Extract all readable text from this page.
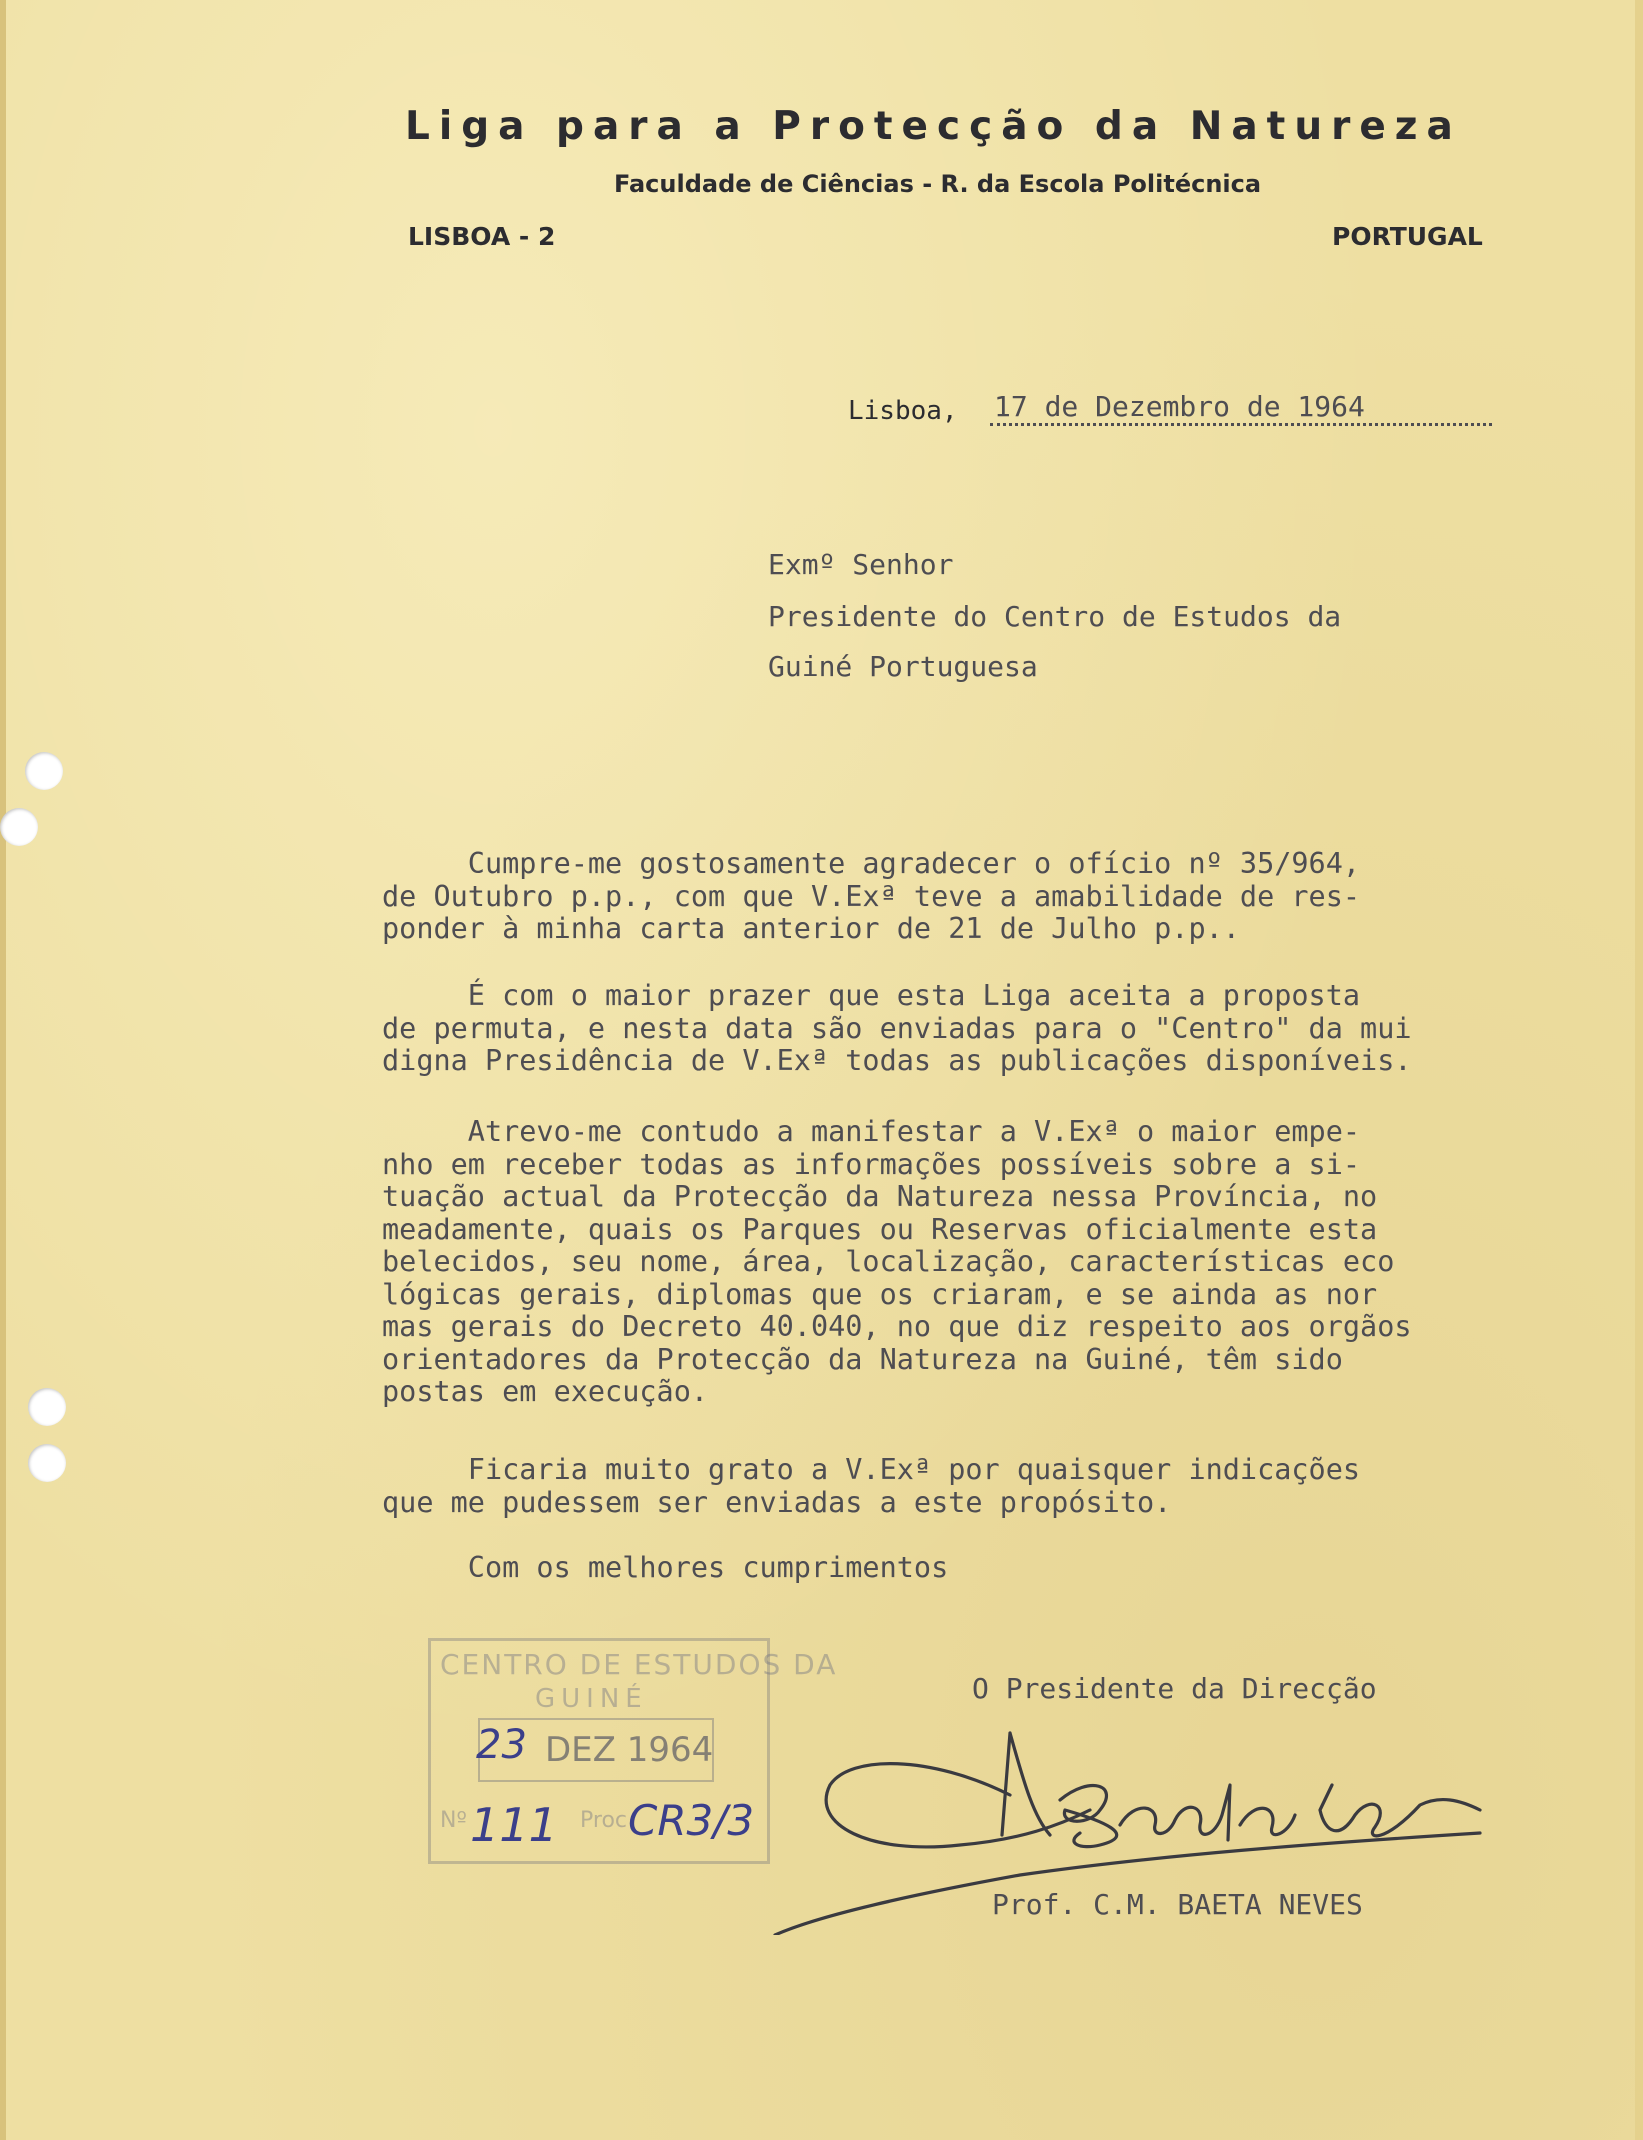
Liga para a Protecção da Natureza
Faculdade de Ciências - R. da Escola Politécnica
LISBOA - 2	PORTUGAL
Lisboa, 17 de Dezembro de 1964
Exmº Senhor
Presidente do Centro de Estudos da
Guiné Portuguesa
Cumpre-me gostosamente agradecer o ofício nº 35/964,
de Outubro p.p., com que V.Exª teve a amabilidade de res-
ponder à minha carta anterior de 21 de Julho p.p..
É com o maior prazer que esta Liga aceita a proposta
de permuta, e nesta data são enviadas para o "Centro" da mui
digna Presidência de V.Exª todas as publicações disponíveis.
Atrevo-me contudo a manifestar a V.Exª o maior empe-
nho em receber todas as informações possíveis sobre a si-
tuação actual da Protecção da Natureza nessa Província, no
meadamente, quais os Parques ou Reservas oficialmente esta
belecidos, seu nome, área, localização, características eco
lógicas gerais, diplomas que os criaram, e se ainda as nor
mas gerais do Decreto 40.040, no que diz respeito aos orgãos
orientadores da Protecção da Natureza na Guiné, têm sido
postas em execução.
Ficaria muito grato a V.Exª por quaisquer indicações
que me pudessem ser enviadas a este propósito.
Com os melhores cumprimentos
CENTRO DE ESTUDOS DA
GUINÉ
DEZ 1964
23
Nº 111 Proc CR3/3
O Presidente da Direcção
Prof. C.M. BAETA NEVES
